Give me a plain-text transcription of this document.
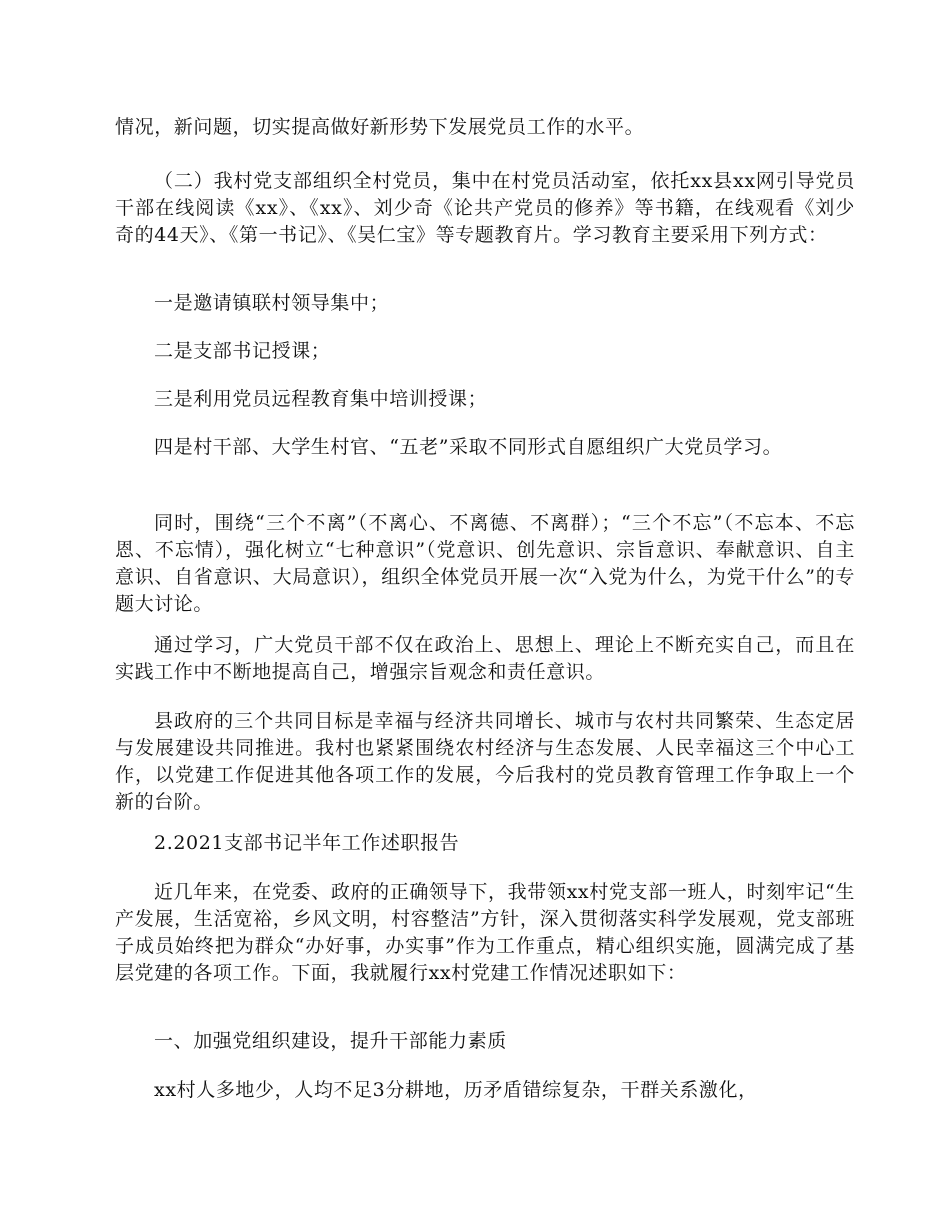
情况，新问题，切实提高做好新形势下发展党员工作的水平。

（二）我村党支部组织全村党员，集中在村党员活动室，依托xx县xx网引导党员干部在线阅读《xx》、《xx》、刘少奇《论共产党员的修养》等书籍，在线观看《刘少奇的44天》、《第一书记》、《吴仁宝》等专题教育片。学习教育主要采用下列方式：

一是邀请镇联村领导集中；

二是支部书记授课；

三是利用党员远程教育集中培训授课；

四是村干部、大学生村官、“五老”采取不同形式自愿组织广大党员学习。

同时，围绕“三个不离”（不离心、不离德、不离群）；“三个不忘”（不忘本、不忘恩、不忘情），强化树立“七种意识”（党意识、创先意识、宗旨意识、奉献意识、自主意识、自省意识、大局意识），组织全体党员开展一次“入党为什么，为党干什么”的专题大讨论。

通过学习，广大党员干部不仅在政治上、思想上、理论上不断充实自己，而且在实践工作中不断地提高自己，增强宗旨观念和责任意识。

县政府的三个共同目标是幸福与经济共同增长、城市与农村共同繁荣、生态定居与发展建设共同推进。我村也紧紧围绕农村经济与生态发展、人民幸福这三个中心工作，以党建工作促进其他各项工作的发展，今后我村的党员教育管理工作争取上一个新的台阶。

2.2021支部书记半年工作述职报告

近几年来，在党委、政府的正确领导下，我带领xx村党支部一班人，时刻牢记“生产发展，生活宽裕，乡风文明，村容整洁”方针，深入贯彻落实科学发展观，党支部班子成员始终把为群众“办好事，办实事”作为工作重点，精心组织实施，圆满完成了基层党建的各项工作。下面，我就履行xx村党建工作情况述职如下：

一、加强党组织建设，提升干部能力素质

xx村人多地少，人均不足3分耕地，历矛盾错综复杂，干群关系激化，
